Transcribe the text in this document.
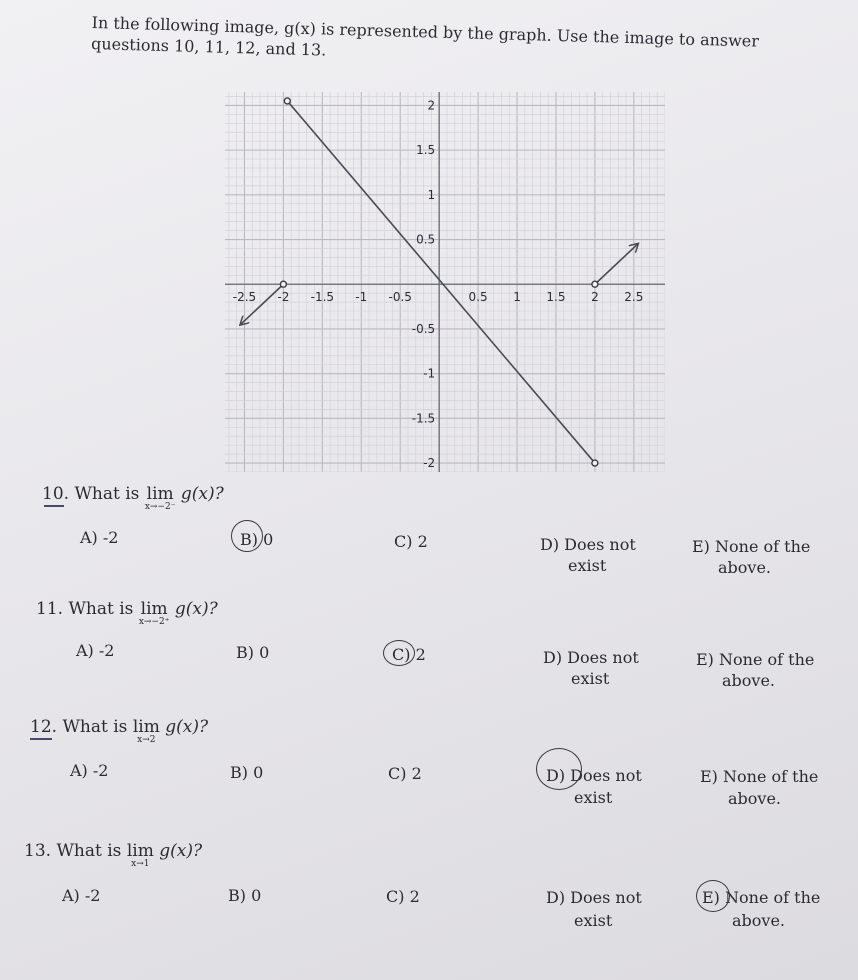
In the following image, g(x) is represented by the graph. Use the image to answer questions 10, 11, 12, and 13.
-2.5 -2 -1.5 -1 -0.5	0.5 1 1.5 2 2.5
2
1.5
1
0.5
-0.5
-1
-1.5
-2
10. What is lim
x→−2⁻
g(x)?
A) -2	B) 0	C) 2	D) Does not
exist
E) None of the
above.
11. What is lim
x→−2⁺
g(x)?
A) -2	B) 0	C) 2	D) Does not
exist
E) None of the
above.
12. What is lim
x→2
g(x)?
A) -2	B) 0	C) 2	D) Does not
exist
E) None of the
above.
13. What is lim
x→1
g(x)?
A) -2	B) 0	C) 2	D) Does not
exist
E) None of the
above.
